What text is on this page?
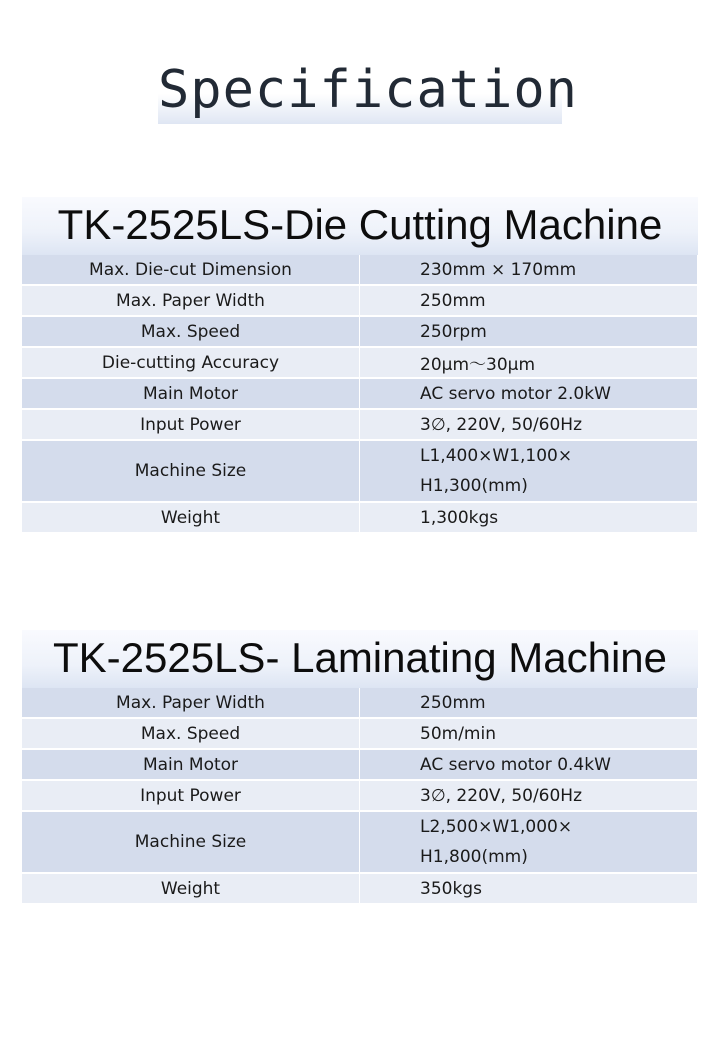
Specification
TK-2525LS-Die Cutting Machine
Max. Die-cut Dimension	230mm × 170mm
Max. Paper Width	250mm
Max. Speed	250rpm
Die-cutting Accuracy	20μm～30μm
Main Motor	AC servo motor 2.0kW
Input Power	3∅, 220V, 50/60Hz
Machine Size	L1,400×W1,100× H1,300(mm)

Weight	1,300kgs
TK-2525LS- Laminating Machine
Max. Paper Width	250mm
Max. Speed	50m/min
Main Motor	AC servo motor 0.4kW
Input Power	3∅, 220V, 50/60Hz
Machine Size	L2,500×W1,000× H1,800(mm)

Weight	350kgs
